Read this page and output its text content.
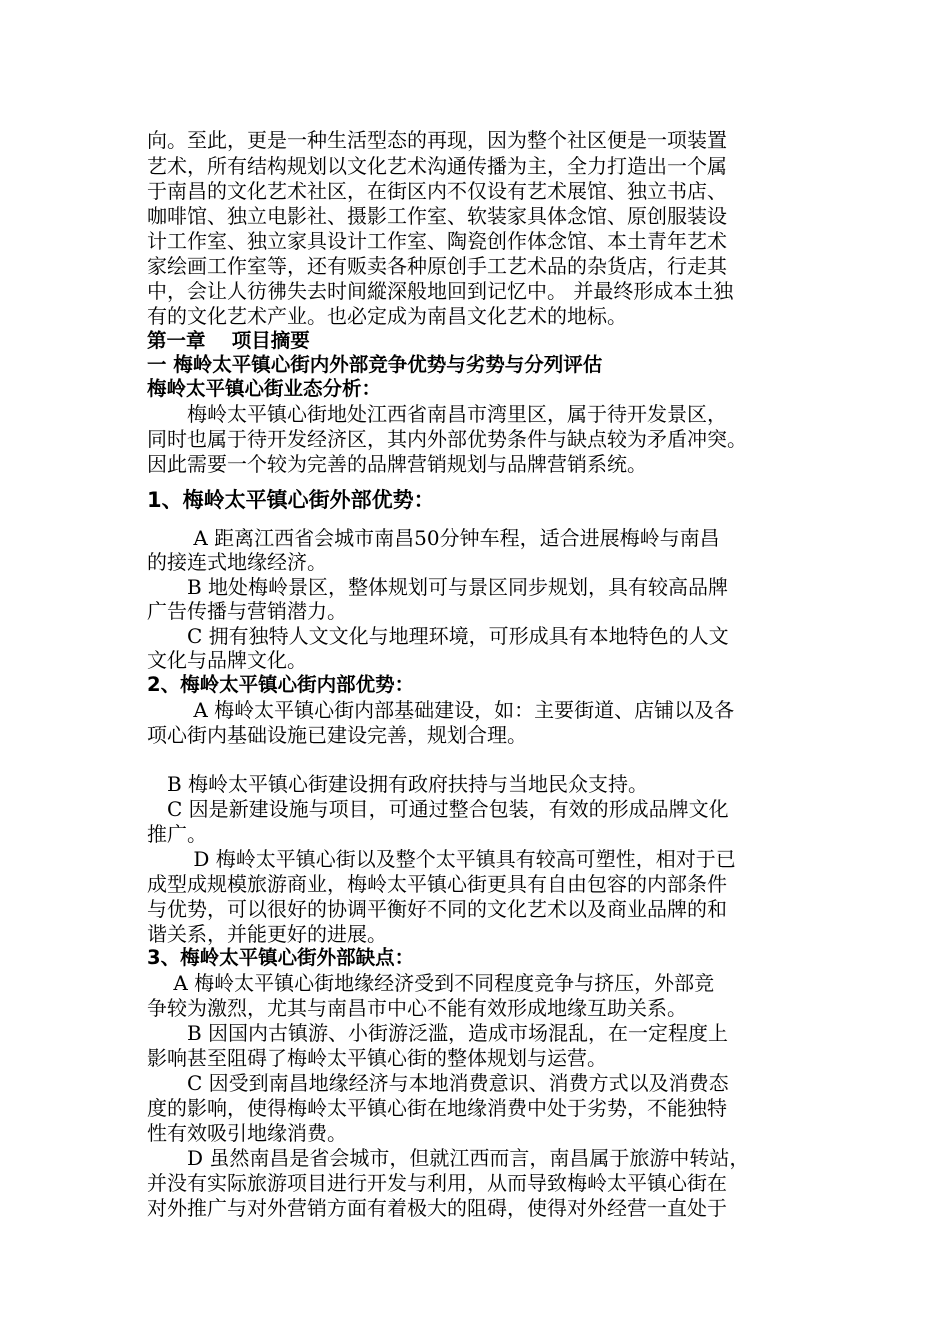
向。至此，更是一种生活型态的再现，因为整个社区便是一项装置
艺术，所有结构规划以文化艺术沟通传播为主，全力打造出一个属
于南昌的文化艺术社区，在街区内不仅设有艺术展馆、独立书店、
咖啡馆、独立电影社、摄影工作室、软装家具体念馆、原创服装设
计工作室、独立家具设计工作室、陶瓷创作体念馆、本土青年艺术
家绘画工作室等，还有贩卖各种原创手工艺术品的杂货店，行走其
中，会让人彷彿失去时间縱深般地回到记忆中。 并最终形成本土独
有的文化艺术产业。也必定成为南昌文化艺术的地标。
第一章　 项目摘要
一 梅岭太平镇心街内外部竞争优势与劣势与分列评估
梅岭太平镇心街业态分析：
　　梅岭太平镇心街地处江西省南昌市湾里区，属于待开发景区，
同时也属于待开发经济区，其内外部优势条件与缺点较为矛盾冲突。
因此需要一个较为完善的品牌营销规划与品牌营销系统。
1、梅岭太平镇心街外部优势：
　　 A 距离江西省会城市南昌50分钟车程，适合进展梅岭与南昌
的接连式地缘经济。
　　B 地处梅岭景区，整体规划可与景区同步规划，具有较高品牌
广告传播与营销潜力。
　　C 拥有独特人文文化与地理环境，可形成具有本地特色的人文
文化与品牌文化。
2、梅岭太平镇心街内部优势：
　　 A 梅岭太平镇心街内部基础建设，如：主要街道、店铺以及各
项心街内基础设施已建设完善，规划合理。
　B 梅岭太平镇心街建设拥有政府扶持与当地民众支持。
　C 因是新建设施与项目，可通过整合包装，有效的形成品牌文化
推广。
　　 D 梅岭太平镇心街以及整个太平镇具有较高可塑性，相对于已
成型成规模旅游商业，梅岭太平镇心街更具有自由包容的内部条件
与优势，可以很好的协调平衡好不同的文化艺术以及商业品牌的和
谐关系，并能更好的进展。
3、梅岭太平镇心街外部缺点：
　 A 梅岭太平镇心街地缘经济受到不同程度竞争与挤压，外部竞
争较为激烈，尤其与南昌市中心不能有效形成地缘互助关系。
　　B 因国内古镇游、小街游泛滥，造成市场混乱，在一定程度上
影响甚至阻碍了梅岭太平镇心街的整体规划与运营。
　　C 因受到南昌地缘经济与本地消费意识、消费方式以及消费态
度的影响，使得梅岭太平镇心街在地缘消费中处于劣势，不能独特
性有效吸引地缘消费。
　　D 虽然南昌是省会城市，但就江西而言，南昌属于旅游中转站，
并没有实际旅游项目进行开发与利用，从而导致梅岭太平镇心街在
对外推广与对外营销方面有着极大的阻碍，使得对外经营一直处于
